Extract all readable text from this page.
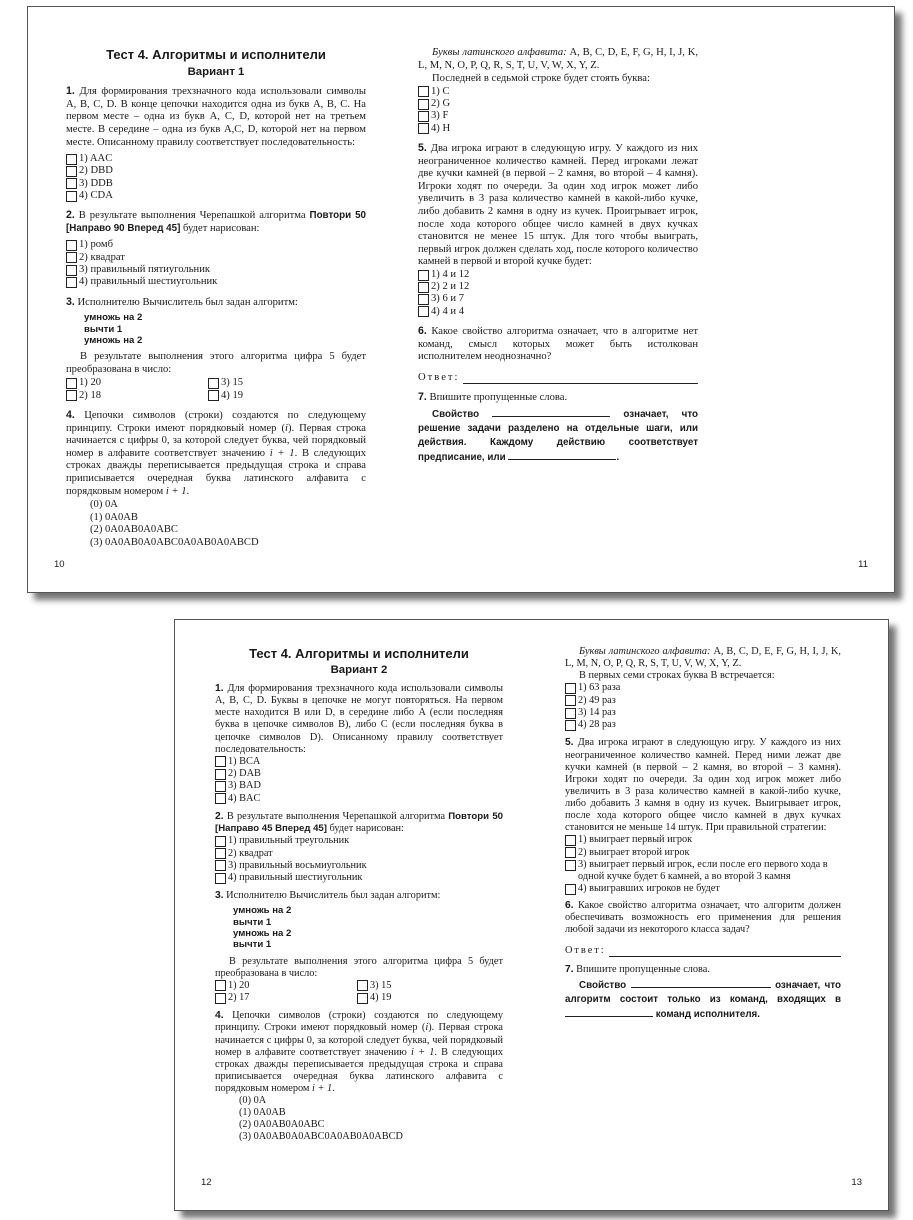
Тест 4. Алгоритмы и исполнители
Вариант 1
1. Для формирования трехзначного кода использовали символы A, B, C, D. В конце цепочки находится одна из букв A, B, C. На первом месте – одна из букв A, C, D, которой нет на третьем месте. В середине – одна из букв A,C, D, которой нет на первом месте. Описанному правилу соответствует последовательность:
1) AAC
2) DBD
3) DDB
4) CDA
2. В результате выполнения Черепашкой алгоритма Повтори 50 [Направо 90 Вперед 45] будет нарисован:
1) ромб
2) квадрат
3) правильный пятиугольник
4) правильный шестиугольник
3. Исполнителю Вычислитель был задан алгоритм:
умножь на 2
вычти 1
умножь на 2
В результате выполнения этого алгоритма цифра 5 будет преобразована в число:
1) 20	3) 15
2) 18	4) 19
4. Цепочки символов (строки) создаются по следующему принципу. Строки имеют порядковый номер (i). Первая строка начинается с цифры 0, за которой следует буква, чей порядковый номер в алфавите соответствует значению i + 1. В следующих строках дважды переписывается предыдущая строка и справа приписывается очередная буква латинского алфавита с порядковым номером i + 1.
(0) 0A
(1) 0A0AB
(2) 0A0AB0A0ABC
(3) 0A0AB0A0ABC0A0AB0A0ABCD
Буквы латинского алфавита: A, B, C, D, E, F, G, H, I, J, K, L, M, N, O, P, Q, R, S, T, U, V, W, X, Y, Z.
Последней в седьмой строке будет стоять буква:
1) C
2) G
3) F
4) H
5. Два игрока играют в следующую игру. У каждого из них неограниченное количество камней. Перед игроками лежат две кучки камней (в первой – 2 камня, во второй – 4 камня). Игроки ходят по очереди. За один ход игрок может либо увеличить в 3 раза количество камней в какой-либо кучке, либо добавить 2 камня в одну из кучек. Проигрывает игрок, после хода которого общее число камней в двух кучках становится не менее 15 штук. Для того чтобы выиграть, первый игрок должен сделать ход, после которого количество камней в первой и второй кучке будет:
1) 4 и 12
2) 2 и 12
3) 6 и 7
4) 4 и 4
6. Какое свойство алгоритма означает, что в алгоритме нет команд, смысл которых может быть истолкован исполнителем неоднозначно?
Ответ:
7. Впишите пропущенные слова.
Свойство	означает, что решение задачи разделено на отдельные шаги, или действия. Каждому действию соответствует предписание, или	.
10	11
Тест 4. Алгоритмы и исполнители
Вариант 2
1. Для формирования трехзначного кода использовали символы A, B, C, D. Буквы в цепочке не могут повторяться. На первом месте находится B или D, в середине либо A (если последняя буква в цепочке символов B), либо C (если последняя буква в цепочке символов D). Описанному правилу соответствует последовательность:
1) BCA
2) DAB
3) BAD
4) BAC
2. В результате выполнения Черепашкой алгоритма Повтори 50 [Направо 45 Вперед 45] будет нарисован:
1) правильный треугольник
2) квадрат
3) правильный восьмиугольник
4) правильный шестиугольник
3. Исполнителю Вычислитель был задан алгоритм:
умножь на 2
вычти 1
умножь на 2
вычти 1
В результате выполнения этого алгоритма цифра 5 будет преобразована в число:
1) 20	3) 15
2) 17	4) 19
4. Цепочки символов (строки) создаются по следующему принципу. Строки имеют порядковый номер (i). Первая строка начинается с цифры 0, за которой следует буква, чей порядковый номер в алфавите соответствует значению i + 1. В следующих строках дважды переписывается предыдущая строка и справа приписывается очередная буква латинского алфавита с порядковым номером i + 1.
(0) 0A
(1) 0A0AB
(2) 0A0AB0A0ABC
(3) 0A0AB0A0ABC0A0AB0A0ABCD
Буквы латинского алфавита: A, B, C, D, E, F, G, H, I, J, K, L, M, N, O, P, Q, R, S, T, U, V, W, X, Y, Z.
В первых семи строках буква B встречается:
1) 63 раза
2) 49 раз
3) 14 раз
4) 28 раз
5. Два игрока играют в следующую игру. У каждого из них неограниченное количество камней. Перед ними лежат две кучки камней (в первой – 2 камня, во второй – 3 камня). Игроки ходят по очереди. За один ход игрок может либо увеличить в 3 раза количество камней в какой-либо кучке, либо добавить 3 камня в одну из кучек. Выигрывает игрок, после хода которого общее число камней в двух кучках становится не меньше 14 штук. При правильной стратегии:
1) выиграет первый игрок
2) выиграет второй игрок
3) выиграет первый игрок, если после его первого хода в одной кучке будет 6 камней, а во второй 3 камня
4) выигравших игроков не будет
6. Какое свойство алгоритма означает, что алгоритм должен обеспечивать возможность его применения для решения любой задачи из некоторого класса задач?
Ответ:
7. Впишите пропущенные слова.
Свойство	означает, что алгоритм состоит только из команд, входящих в  команд исполнителя.
12	13
